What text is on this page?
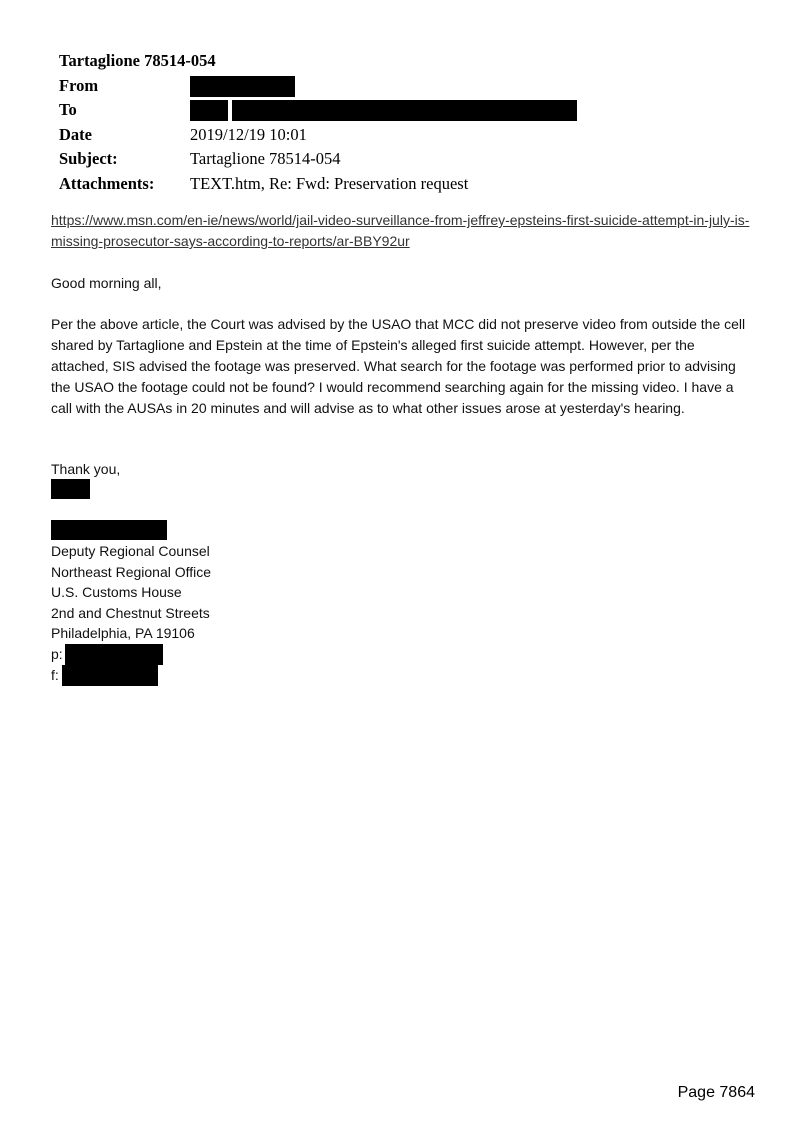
Tartaglione 78514-054
From
To
Date	2019/12/19 10:01
Subject:	Tartaglione 78514-054
Attachments: TEXT.htm, Re: Fwd: Preservation request
https://www.msn.com/en-ie/news/world/jail-video-surveillance-from-jeffrey-epsteins-first-suicide-attempt-in-july-is-missing-prosecutor-says-according-to-reports/ar-BBY92ur
Good morning all,
Per the above article, the Court was advised by the USAO that MCC did not preserve video from outside the cell shared by Tartaglione and Epstein at the time of Epstein's alleged first suicide attempt. However, per the attached, SIS advised the footage was preserved. What search for the footage was performed prior to advising the USAO the footage could not be found? I would recommend searching again for the missing video. I have a call with the AUSAs in 20 minutes and will advise as to what other issues arose at yesterday's hearing.
Thank you,
Deputy Regional Counsel
Northeast Regional Office
U.S. Customs House
2nd and Chestnut Streets
Philadelphia, PA 19106
p:
f:
Page 7864
